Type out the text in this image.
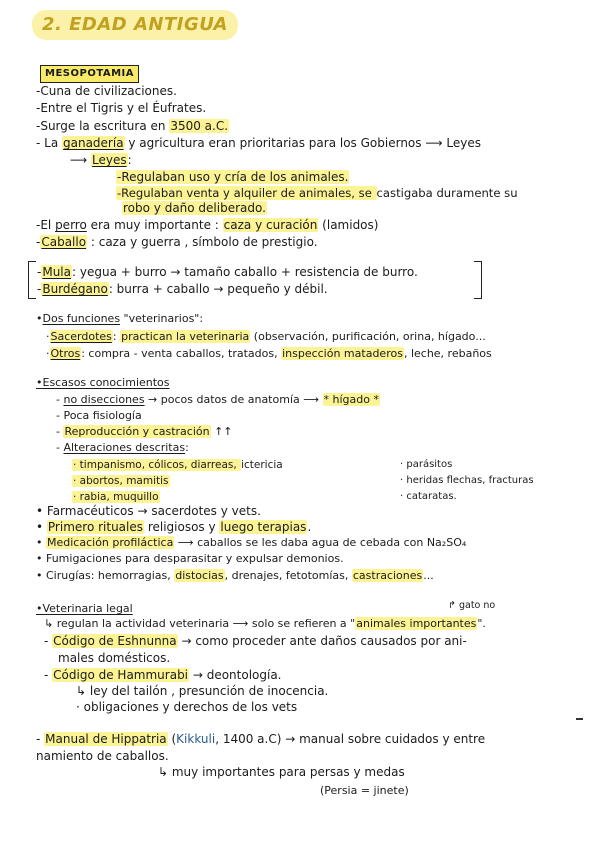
2. EDAD ANTIGUA
MESOPOTAMIA
-Cuna de civilizaciones.
-Entre el Tigris y el Éufrates.
-Surge la escritura en 3500 a.C.
- La ganadería y agricultura eran prioritarias para los Gobiernos ⟶ Leyes
⟶ Leyes:
-Regulaban uso y cría de los animales.
-Regulaban venta y alquiler de animales, se castigaba duramente su
robo y daño deliberado.
-El perro era muy importante : caza y curación (lamidos)
-Caballo : caza y guerra , símbolo de prestigio.
-Mula: yegua + burro → tamaño caballo + resistencia de burro.
-Burdégano: burra + caballo → pequeño y débil.
•Dos funciones "veterinarios":
·Sacerdotes: practican la veterinaria (observación, purificación, orina, hígado...
·Otros: compra - venta caballos, tratados, inspección mataderos, leche, rebaños
•Escasos conocimientos
- no disecciones → pocos datos de anatomía ⟶ * hígado *
- Poca fisiología
- Reproducción y castración ↑↑
- Alteraciones descritas:
· timpanismo, cólicos, diarreas, ictericia	· parásitos
· abortos, mamitis	· heridas flechas, fracturas
· rabia, muquillo	· cataratas.
• Farmacéuticos → sacerdotes y vets.
• Primero rituales religiosos y luego terapias.
• Medicación profiláctica ⟶ caballos se les daba agua de cebada con Na₂SO₄
• Fumigaciones para desparasitar y expulsar demonios.
• Cirugías: hemorragias, distocias, drenajes, fetotomías, castraciones...
•Veterinaria legal	↱ gato no
↳ regulan la actividad veterinaria ⟶ solo se refieren a "animales importantes".
- Código de Eshnunna → como proceder ante daños causados por ani-
males domésticos.
- Código de Hammurabi → deontología.
↳ ley del tailón , presunción de inocencia.
· obligaciones y derechos de los vets
- Manual de Hippatria (Kikkuli, 1400 a.C) → manual sobre cuidados y entre
namiento de caballos.
↳ muy importantes para persas y medas
(Persia = jinete)
